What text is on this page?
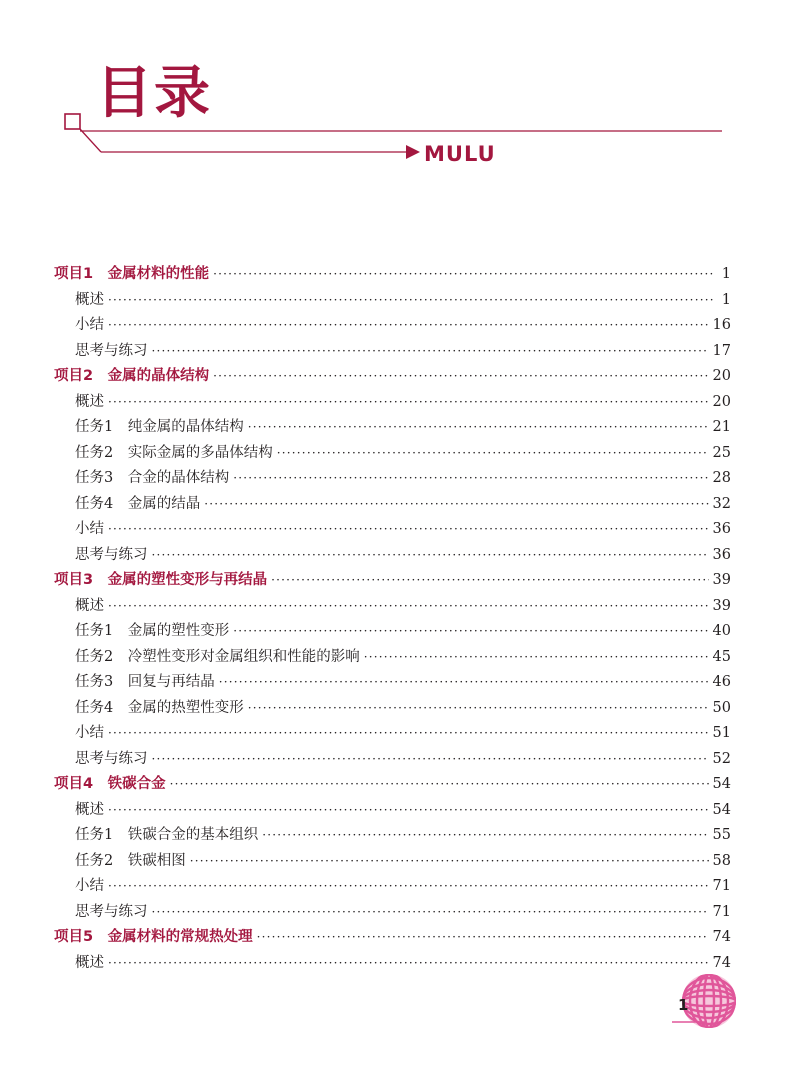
目录
MULU
项目1　金属材料的性能 ·····	1
概述 ·····	1
小结 ·····	16
思考与练习 ·····	17
项目2　金属的晶体结构 ·····	20
概述 ·····	20
任务1　纯金属的晶体结构 ·····	21
任务2　实际金属的多晶体结构 ·····	25
任务3　合金的晶体结构 ·····	28
任务4　金属的结晶 ·····	32
小结 ·····	36
思考与练习 ·····	36
项目3　金属的塑性变形与再结晶 ·····	39
概述 ·····	39
任务1　金属的塑性变形 ·····	40
任务2　冷塑性变形对金属组织和性能的影响 ·····	45
任务3　回复与再结晶 ·····	46
任务4　金属的热塑性变形 ·····	50
小结 ·····	51
思考与练习 ·····	52
项目4　铁碳合金 ·····	54
概述 ·····	54
任务1　铁碳合金的基本组织 ·····	55
任务2　铁碳相图 ·····	58
小结 ·····	71
思考与练习 ·····	71
项目5　金属材料的常规热处理 ·····	74
概述 ·····	74
1
